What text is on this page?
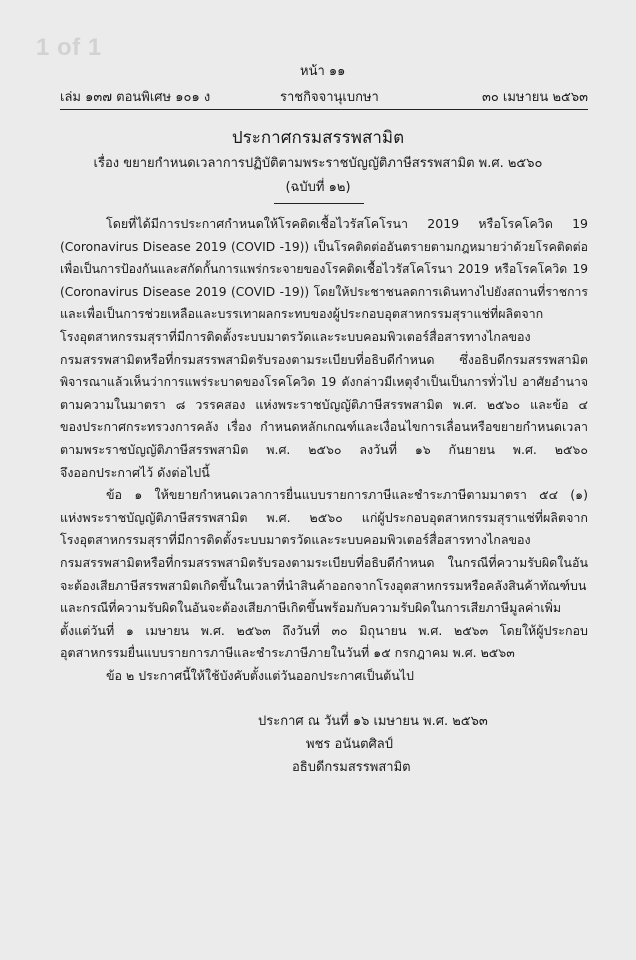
1 of 1
หน้า ๑๑
เล่ม ๑๓๗ ตอนพิเศษ ๑๐๑ ง	ราชกิจจานุเบกษา	๓๐ เมษายน ๒๕๖๓
ประกาศกรมสรรพสามิต
เรื่อง ขยายกำหนดเวลาการปฏิบัติตามพระราชบัญญัติภาษีสรรพสามิต พ.ศ. ๒๕๖๐
(ฉบับที่ ๑๒)
โดยที่ได้มีการประกาศกำหนดให้โรคติดเชื้อไวรัสโคโรนา 2019 หรือโรคโควิด 19
(Coronavirus Disease 2019 (COVID -19)) เป็นโรคติดต่ออันตรายตามกฎหมายว่าด้วยโรคติดต่อ
เพื่อเป็นการป้องกันและสกัดกั้นการแพร่กระจายของโรคติดเชื้อไวรัสโคโรนา 2019 หรือโรคโควิด 19
(Coronavirus Disease 2019 (COVID -19)) โดยให้ประชาชนลดการเดินทางไปยังสถานที่ราชการ
และเพื่อเป็นการช่วยเหลือและบรรเทาผลกระทบของผู้ประกอบอุตสาหกรรมสุราแช่ที่ผลิตจาก
โรงอุตสาหกรรมสุราที่มีการติดตั้งระบบมาตรวัดและระบบคอมพิวเตอร์สื่อสารทางไกลของ
กรมสรรพสามิตหรือที่กรมสรรพสามิตรับรองตามระเบียบที่อธิบดีกำหนด ซึ่งอธิบดีกรมสรรพสามิต
พิจารณาแล้วเห็นว่าการแพร่ระบาดของโรคโควิด 19 ดังกล่าวมีเหตุจำเป็นเป็นการทั่วไป อาศัยอำนาจ
ตามความในมาตรา ๘ วรรคสอง แห่งพระราชบัญญัติภาษีสรรพสามิต พ.ศ. ๒๕๖๐ และข้อ ๔
ของประกาศกระทรวงการคลัง เรื่อง กำหนดหลักเกณฑ์และเงื่อนไขการเลื่อนหรือขยายกำหนดเวลา
ตามพระราชบัญญัติภาษีสรรพสามิต พ.ศ. ๒๕๖๐ ลงวันที่ ๑๖ กันยายน พ.ศ. ๒๕๖๐
จึงออกประกาศไว้ ดังต่อไปนี้
ข้อ ๑ ให้ขยายกำหนดเวลาการยื่นแบบรายการภาษีและชำระภาษีตามมาตรา ๕๔ (๑)
แห่งพระราชบัญญัติภาษีสรรพสามิต พ.ศ. ๒๕๖๐ แก่ผู้ประกอบอุตสาหกรรมสุราแช่ที่ผลิตจาก
โรงอุตสาหกรรมสุราที่มีการติดตั้งระบบมาตรวัดและระบบคอมพิวเตอร์สื่อสารทางไกลของ
กรมสรรพสามิตหรือที่กรมสรรพสามิตรับรองตามระเบียบที่อธิบดีกำหนด ในกรณีที่ความรับผิดในอัน
จะต้องเสียภาษีสรรพสามิตเกิดขึ้นในเวลาที่นำสินค้าออกจากโรงอุตสาหกรรมหรือคลังสินค้าทัณฑ์บน
และกรณีที่ความรับผิดในอันจะต้องเสียภาษีเกิดขึ้นพร้อมกับความรับผิดในการเสียภาษีมูลค่าเพิ่ม
ตั้งแต่วันที่ ๑ เมษายน พ.ศ. ๒๕๖๓ ถึงวันที่ ๓๐ มิถุนายน พ.ศ. ๒๕๖๓ โดยให้ผู้ประกอบ
อุตสาหกรรมยื่นแบบรายการภาษีและชำระภาษีภายในวันที่ ๑๕ กรกฎาคม พ.ศ. ๒๕๖๓
ข้อ ๒ ประกาศนี้ให้ใช้บังคับตั้งแต่วันออกประกาศเป็นต้นไป
ประกาศ ณ วันที่ ๑๖ เมษายน พ.ศ. ๒๕๖๓
พชร อนันตศิลป์
อธิบดีกรมสรรพสามิต
